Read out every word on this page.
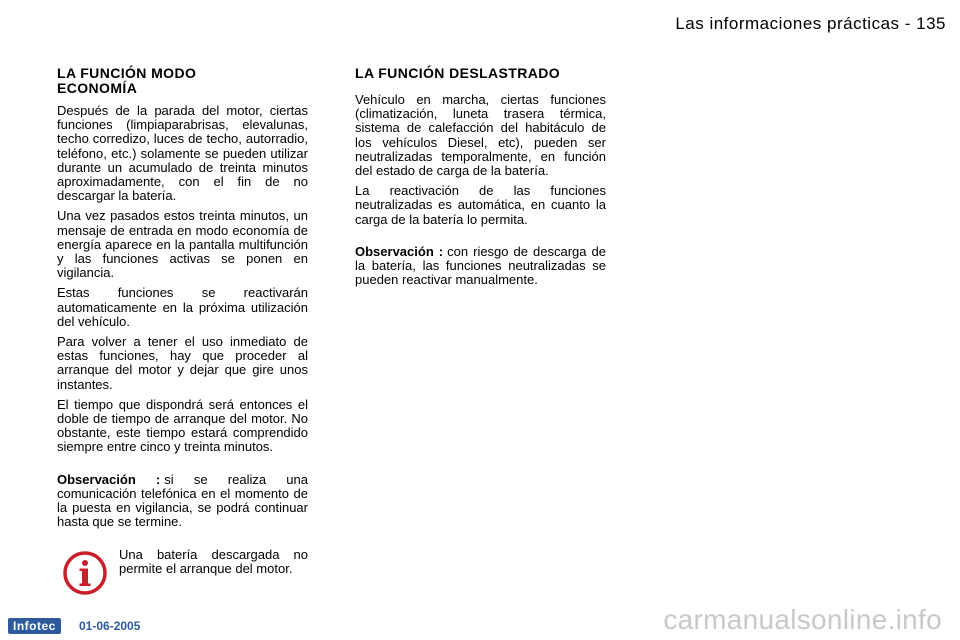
Las informaciones prácticas - 135
LA FUNCIÓN MODO ECONOMÍA

Después de la parada del motor, ciertas funciones (limpiaparabrisas, elevalunas, techo corredizo, luces de techo, autorradio, teléfono, etc.) solamente se pueden utilizar durante un acumulado de treinta minutos aproximadamente, con el fin de no descargar la batería.

Una vez pasados estos treinta minutos, un mensaje de entrada en modo economía de energía aparece en la pantalla multifunción y las funciones activas se ponen en vigilancia.

Estas funciones se reactivarán automaticamente en la próxima utilización del vehículo.

Para volver a tener el uso inmediato de estas funciones, hay que proceder al arranque del motor y dejar que gire unos instantes.

El tiempo que dispondrá será entonces el doble de tiempo de arranque del motor. No obstante, este tiempo estará comprendido siempre entre cinco y treinta minutos.

Observación : si se realiza una comunicación telefónica en el momento de la puesta en vigilancia, se podrá continuar hasta que se termine.

Una batería descargada no permite el arranque del motor.
LA FUNCIÓN DESLASTRADO

Vehículo en marcha, ciertas funciones (climatización, luneta trasera térmica, sistema de calefacción del habitáculo de los vehículos Diesel, etc), pueden ser neutralizadas temporalmente, en función del estado de carga de la batería.

La reactivación de las funciones neutralizadas es automática, en cuanto la carga de la batería lo permita.

Observación : con riesgo de descarga de la batería, las funciones neutralizadas se pueden reactivar manualmente.

Infotec	01-06-2005	carmanualsonline.info
